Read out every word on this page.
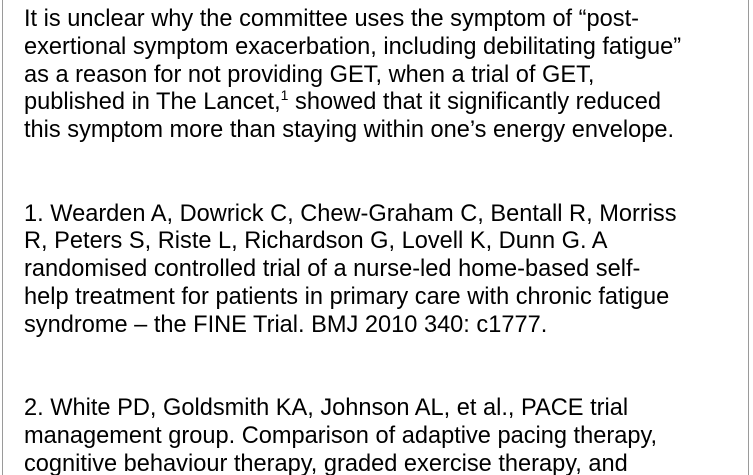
It is unclear why the committee uses the symptom of “post-
exertional symptom exacerbation, including debilitating fatigue”
as a reason for not providing GET, when a trial of GET,
published in The Lancet,$^1$ showed that it significantly reduced
this symptom more than staying within one’s energy envelope.

1. Wearden A, Dowrick C, Chew-Graham C, Bentall R, Morriss
R, Peters S, Riste L, Richardson G, Lovell K, Dunn G. A
randomised controlled trial of a nurse-led home-based self-
help treatment for patients in primary care with chronic fatigue
syndrome – the FINE Trial. BMJ 2010 340: c1777.

2. White PD, Goldsmith KA, Johnson AL, et al., PACE trial
management group. Comparison of adaptive pacing therapy,
cognitive behaviour therapy, graded exercise therapy, and
